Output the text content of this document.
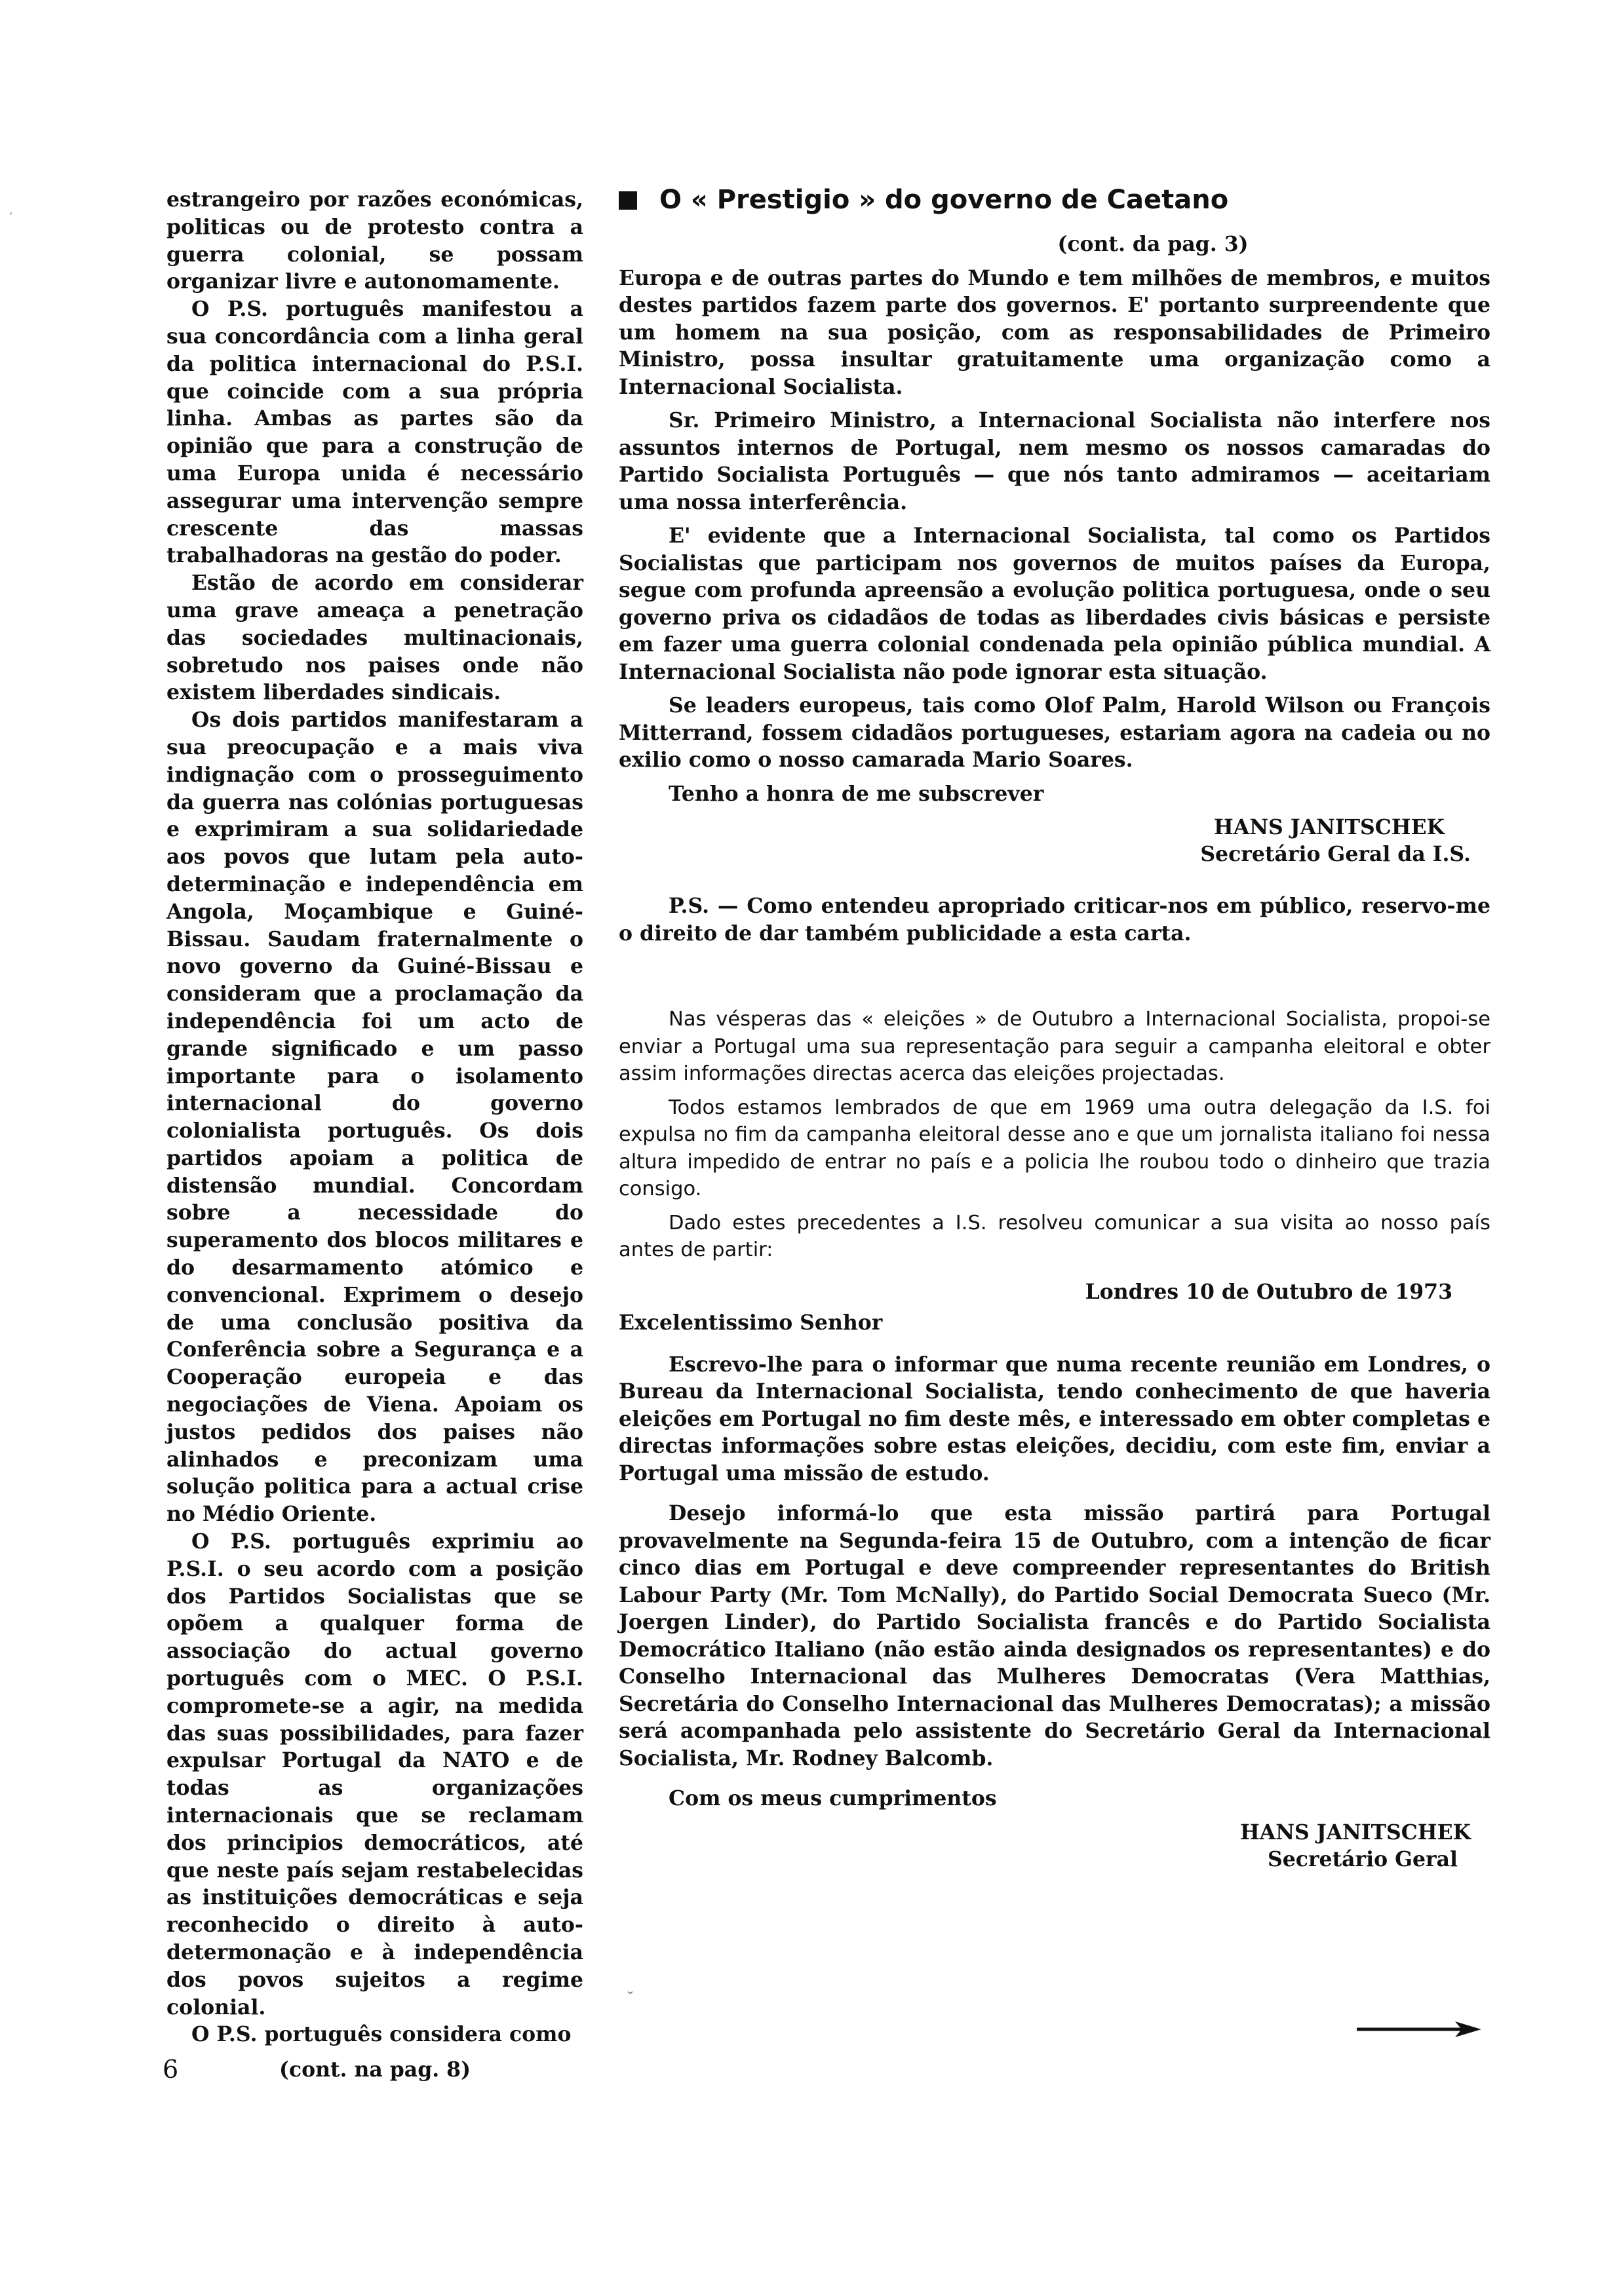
,	estrangeiro por razões económicas, politicas ou de protesto contra a guerra colonial, se possam organizar livre e autonomamente.

O P.S. português manifestou a sua concordância com a linha geral da politica internacional do P.S.I. que coincide com a sua própria linha. Ambas as partes são da opinião que para a construção de uma Europa unida é necessário assegurar uma intervenção sempre crescente das massas trabalhadoras na gestão do poder.

Estão de acordo em considerar uma grave ameaça a penetração das sociedades multinacionais, sobretudo nos paises onde não existem liberdades sindicais.

Os dois partidos manifestaram a sua preocupação e a mais viva indignação com o prosseguimento da guerra nas colónias portuguesas e exprimiram a sua solidariedade aos povos que lutam pela auto-determinação e independência em Angola, Moçambique e Guiné-Bissau. Saudam fraternalmente o novo governo da Guiné-Bissau e consideram que a proclamação da independência foi um acto de grande significado e um passo importante para o isolamento internacional do governo colonialista português. Os dois partidos apoiam a politica de distensão mundial. Concordam sobre a necessidade do superamento dos blocos militares e do desarmamento atómico e convencional. Exprimem o desejo de uma conclusão positiva da Conferência sobre a Segurança e a Cooperação europeia e das negociações de Viena. Apoiam os justos pedidos dos paises não alinhados e preconizam uma solução politica para a actual crise no Médio Oriente.

O P.S. português exprimiu ao P.S.I. o seu acordo com a posição dos Partidos Socialistas que se opõem a qualquer forma de associação do actual governo português com o MEC. O P.S.I. compromete-se a agir, na medida das suas possibilidades, para fazer expulsar Portugal da NATO e de todas as organizações internacionais que se reclamam dos principios democráticos, até que neste país sejam restabelecidas as instituições democráticas e seja reconhecido o direito à auto-determonação e à independência dos povos sujeitos a regime colonial.

O P.S. português considera como

(cont. na pag. 8)

O « Prestigio » do governo de Caetano

(cont. da pag. 3)

Europa e de outras partes do Mundo e tem milhões de membros, e muitos destes partidos fazem parte dos governos. E' portanto surpreendente que um homem na sua posição, com as responsabilidades de Primeiro Ministro, possa insultar gratuitamente uma organização como a Internacional Socialista.

Sr. Primeiro Ministro, a Internacional Socialista não interfere nos assuntos internos de Portugal, nem mesmo os nossos camaradas do Partido Socialista Português — que nós tanto admiramos — aceitariam uma nossa interferência.

E' evidente que a Internacional Socialista, tal como os Partidos Socialistas que participam nos governos de muitos países da Europa, segue com profunda apreensão a evolução politica portuguesa, onde o seu governo priva os cidadãos de todas as liberdades civis básicas e persiste em fazer uma guerra colonial condenada pela opinião pública mundial. A Internacional Socialista não pode ignorar esta situação.

Se leaders europeus, tais como Olof Palm, Harold Wilson ou François Mitterrand, fossem cidadãos portugueses, estariam agora na cadeia ou no exilio como o nosso camarada Mario Soares.

Tenho a honra de me subscrever

HANS JANITSCHEK
Secretário Geral da I.S.

P.S. — Como entendeu apropriado criticar-nos em público, reservo-me o direito de dar também publicidade a esta carta.

Nas vésperas das « eleições » de Outubro a Internacional Socialista, propoi-se enviar a Portugal uma sua representação para seguir a campanha eleitoral e obter assim informações directas acerca das eleições projectadas.

Todos estamos lembrados de que em 1969 uma outra delegação da I.S. foi expulsa no fim da campanha eleitoral desse ano e que um jornalista italiano foi nessa altura impedido de entrar no país e a policia lhe roubou todo o dinheiro que trazia consigo.

Dado estes precedentes a I.S. resolveu comunicar a sua visita ao nosso país antes de partir:

Londres 10 de Outubro de 1973

Excelentissimo Senhor

Escrevo-lhe para o informar que numa recente reunião em Londres, o Bureau da Internacional Socialista, tendo conhecimento de que haveria eleições em Portugal no fim deste mês, e interessado em obter completas e directas informações sobre estas eleições, decidiu, com este fim, enviar a Portugal uma missão de estudo.

Desejo informá-lo que esta missão partirá para Portugal provavelmente na Segunda-feira 15 de Outubro, com a intenção de ficar cinco dias em Portugal e deve compreender representantes do British Labour Party (Mr. Tom McNally), do Partido Social Democrata Sueco (Mr. Joergen Linder), do Partido Socialista francês e do Partido Socialista Democrático Italiano (não estão ainda designados os representantes) e do Conselho Internacional das Mulheres Democratas (Vera Matthias, Secretária do Conselho Internacional das Mulheres Democratas); a missão será acompanhada pelo assistente do Secretário Geral da Internacional Socialista, Mr. Rodney Balcomb.

Com os meus cumprimentos

HANS JANITSCHEK
Secretário Geral
˘
6
